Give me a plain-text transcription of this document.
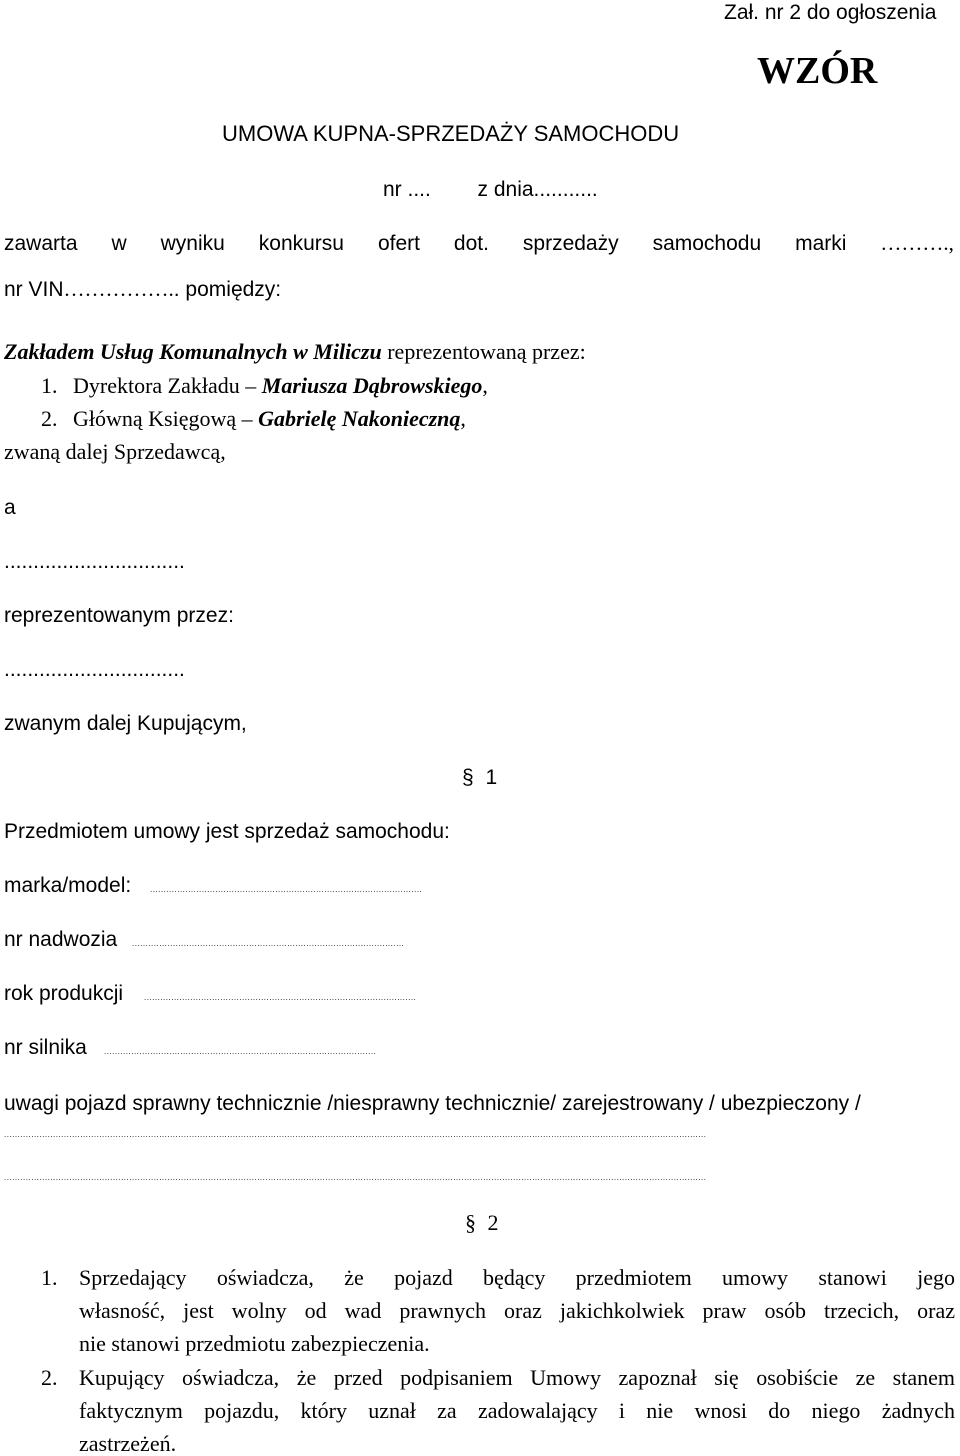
Zał. nr 2 do ogłoszenia
WZÓR
UMOWA KUPNA-SPRZEDAŻY SAMOCHODU
nr ....        z dnia...........
zawarta w wyniku konkursu ofert dot. sprzedaży samochodu marki ……….,
nr VIN…………….. pomiędzy:
Zakładem Usług Komunalnych w Miliczu reprezentowaną przez:
1. Dyrektora Zakładu – Mariusza Dąbrowskiego,
2. Główną Księgową – Gabrielę Nakonieczną,
zwaną dalej Sprzedawcą,
a
...............................
reprezentowanym przez:
...............................
zwanym dalej Kupującym,
§ 1
Przedmiotem umowy jest sprzedaż samochodu:
marka/model: ....................................................................................................
nr nadwozia ....................................................................................................
rok produkcji	....................................................................................................
nr silnika ....................................................................................................
uwagi pojazd sprawny technicznie /niesprawny technicznie/ zarejestrowany / ubezpieczony /
..................................................................................................................................................................................................................................................................
..................................................................................................................................................................................................................................................................
§ 2
1. Sprzedający oświadcza, że pojazd będący przedmiotem umowy stanowi jego
własność, jest wolny od wad prawnych oraz jakichkolwiek praw osób trzecich, oraz
nie stanowi przedmiotu zabezpieczenia.
2. Kupujący oświadcza, że przed podpisaniem Umowy zapoznał się osobiście ze stanem
faktycznym pojazdu, który uznał za zadowalający i nie wnosi do niego żadnych
zastrzeżeń.
